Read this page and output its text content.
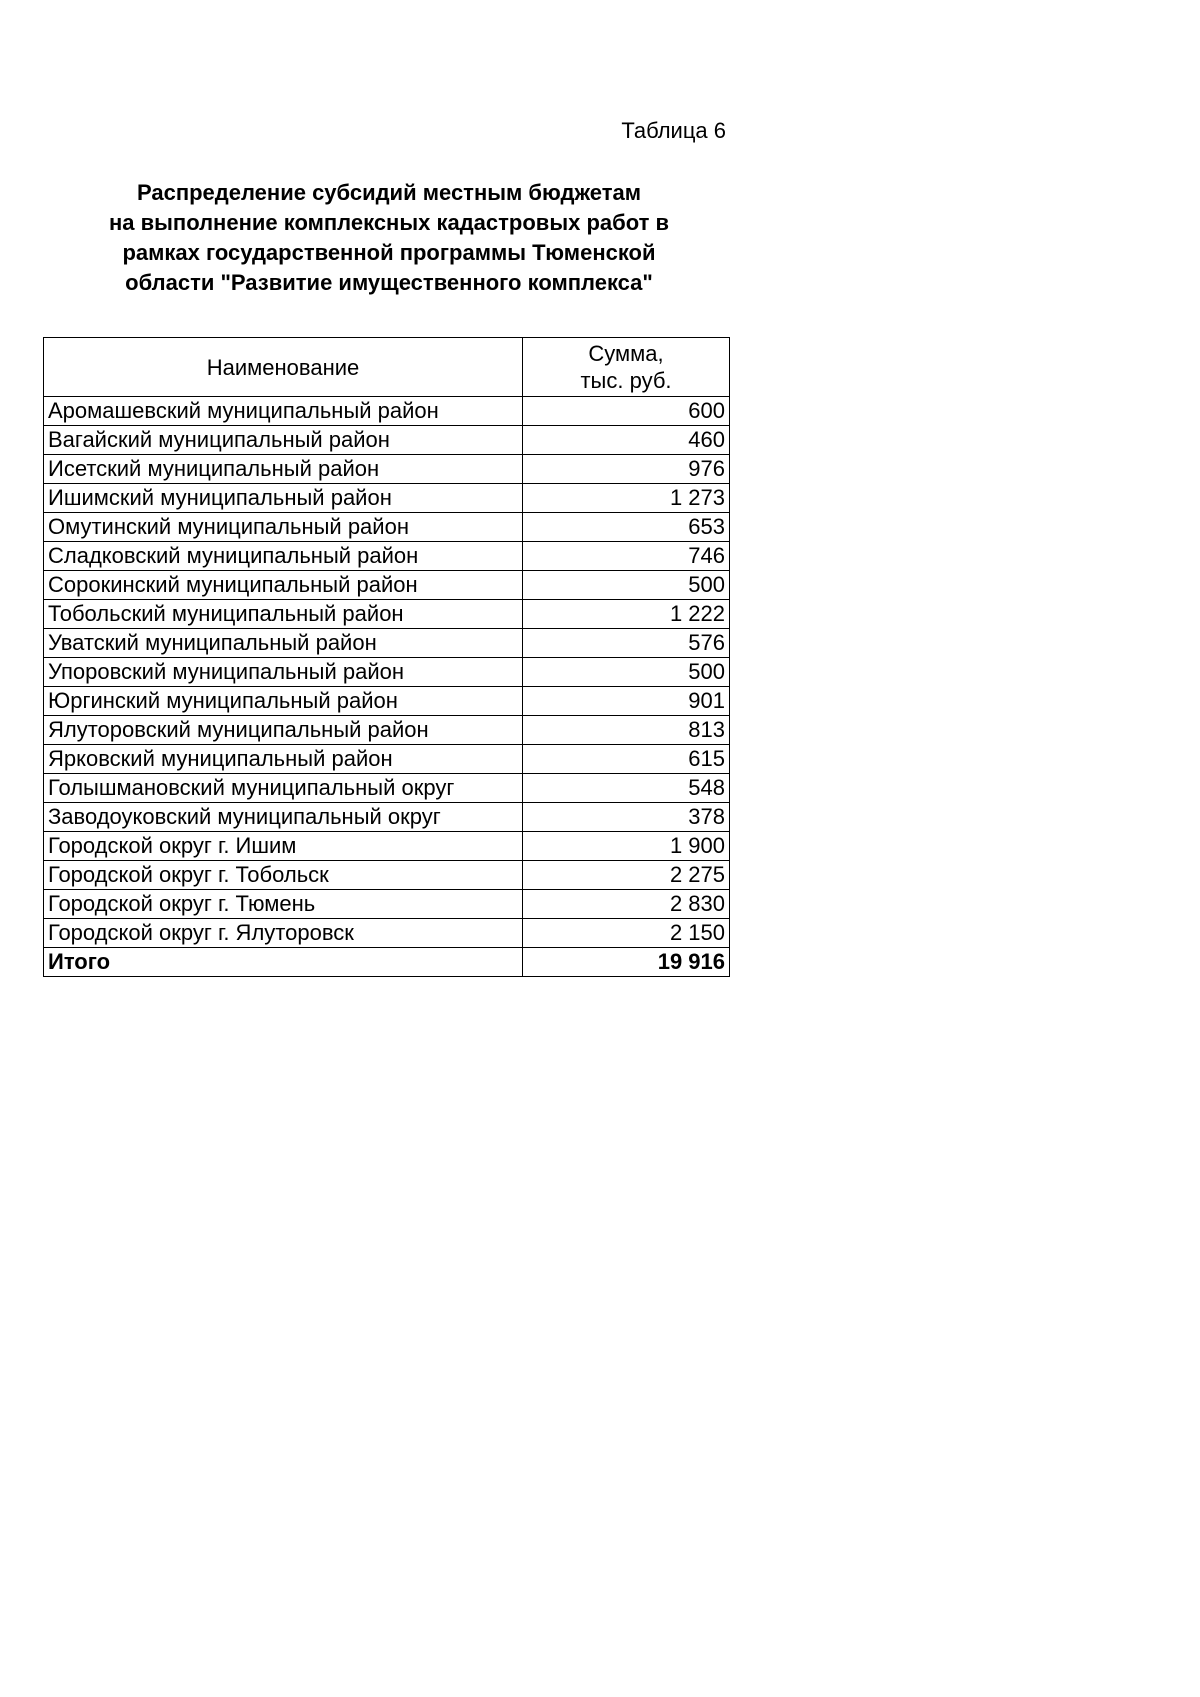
Таблица 6
Распределение субсидий местным бюджетам
на выполнение комплексных кадастровых работ в
рамках государственной программы Тюменской
области "Развитие имущественного комплекса"
Наименование	Сумма,
тыс. руб.

Аромашевский муниципальный район	600
Вагайский муниципальный район	460
Исетский муниципальный район	976
Ишимский муниципальный район	1 273
Омутинский муниципальный район	653
Сладковский муниципальный район	746
Сорокинский муниципальный район	500
Тобольский муниципальный район	1 222
Уватский муниципальный район	576
Упоровский муниципальный район	500
Юргинский муниципальный район	901
Ялуторовский муниципальный район	813
Ярковский муниципальный район	615
Голышмановский муниципальный округ	548
Заводоуковский муниципальный округ	378
Городской округ г. Ишим	1 900
Городской округ г. Тобольск	2 275
Городской округ г. Тюмень	2 830
Городской округ г. Ялуторовск	2 150
Итого	19 916
